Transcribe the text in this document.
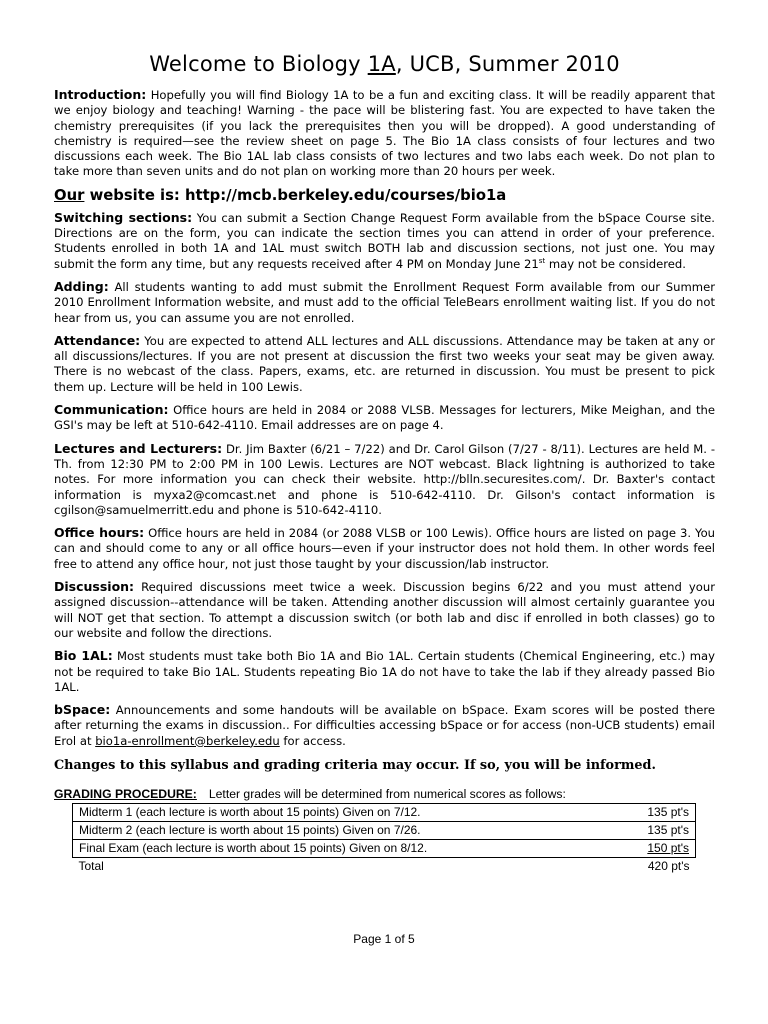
Welcome to Biology 1A, UCB, Summer 2010

Introduction: Hopefully you will find Biology 1A to be a fun and exciting class. It will be readily apparent that we enjoy biology and teaching! Warning - the pace will be blistering fast. You are expected to have taken the chemistry prerequisites (if you lack the prerequisites then you will be dropped). A good understanding of chemistry is required—see the review sheet on page 5. The Bio 1A class consists of four lectures and two discussions each week. The Bio 1AL lab class consists of two lectures and two labs each week. Do not plan to take more than seven units and do not plan on working more than 20 hours per week.

Our website is: http://mcb.berkeley.edu/courses/bio1a

Switching sections: You can submit a Section Change Request Form available from the bSpace Course site. Directions are on the form, you can indicate the section times you can attend in order of your preference. Students enrolled in both 1A and 1AL must switch BOTH lab and discussion sections, not just one. You may submit the form any time, but any requests received after 4 PM on Monday June 21st may not be considered.

Adding: All students wanting to add must submit the Enrollment Request Form available from our Summer 2010 Enrollment Information website, and must add to the official TeleBears enrollment waiting list. If you do not hear from us, you can assume you are not enrolled.

Attendance: You are expected to attend ALL lectures and ALL discussions. Attendance may be taken at any or all discussions/lectures. If you are not present at discussion the first two weeks your seat may be given away. There is no webcast of the class. Papers, exams, etc. are returned in discussion. You must be present to pick them up. Lecture will be held in 100 Lewis.

Communication: Office hours are held in 2084 or 2088 VLSB. Messages for lecturers, Mike Meighan, and the GSI's may be left at 510-642-4110. Email addresses are on page 4.

Lectures and Lecturers: Dr. Jim Baxter (6/21 – 7/22) and Dr. Carol Gilson (7/27 - 8/11). Lectures are held M. - Th. from 12:30 PM to 2:00 PM in 100 Lewis. Lectures are NOT webcast. Black lightning is authorized to take notes. For more information you can check their website. http://blln.securesites.com/. Dr. Baxter's contact information is myxa2@comcast.net and phone is 510-642-4110. Dr. Gilson's contact information is cgilson@samuelmerritt.edu and phone is 510-642-4110.

Office hours: Office hours are held in 2084 (or 2088 VLSB or 100 Lewis). Office hours are listed on page 3. You can and should come to any or all office hours—even if your instructor does not hold them. In other words feel free to attend any office hour, not just those taught by your discussion/lab instructor.

Discussion: Required discussions meet twice a week. Discussion begins 6/22 and you must attend your assigned discussion--attendance will be taken. Attending another discussion will almost certainly guarantee you will NOT get that section. To attempt a discussion switch (or both lab and disc if enrolled in both classes) go to our website and follow the directions.

Bio 1AL: Most students must take both Bio 1A and Bio 1AL. Certain students (Chemical Engineering, etc.) may not be required to take Bio 1AL. Students repeating Bio 1A do not have to take the lab if they already passed Bio 1AL.

bSpace: Announcements and some handouts will be available on bSpace. Exam scores will be posted there after returning the exams in discussion.. For difficulties accessing bSpace or for access (non-UCB students) email Erol at bio1a-enrollment@berkeley.edu for access.

Changes to this syllabus and grading criteria may occur. If so, you will be informed.
GRADING PROCEDURE: Letter grades will be determined from numerical scores as follows:
Midterm 1 (each lecture is worth about 15 points) Given on 7/12.	135 pt's
Midterm 2 (each lecture is worth about 15 points) Given on 7/26.	135 pt's
Final Exam (each lecture is worth about 15 points) Given on 8/12.	150 pt's
Total	420 pt's
Page 1 of 5
